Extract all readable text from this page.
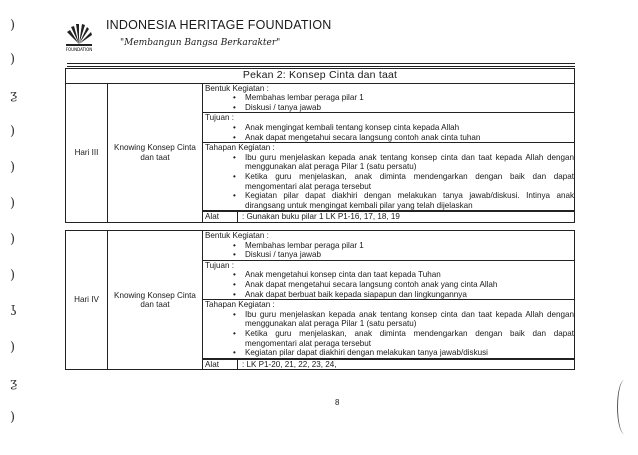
)
)
ƺ
)
)
)
)
)
ʖ
)
ƺ
)
FOUNDATION
INDONESIA HERITAGE FOUNDATION
"Membangun Bangsa Berkarakter"
Pekan 2: Konsep Cinta dan taat
Hari III	Knowing Konsep Cinta dan taat	
Bentuk Kegiatan :
• Membahas lembar peraga pilar 1
• Diskusi / tanya jawab
Tujuan :
• Anak mengingat kembali tentang konsep cinta kepada Allah
• Anak dapat mengetahui secara langsung contoh anak cinta tuhan
Tahapan Kegiatan :
• Ibu guru menjelaskan kepada anak tentang konsep cinta dan taat kepada Allah dengan menggunakan alat peraga Pilar 1 (satu persatu)
• Ketika guru menjelaskan, anak diminta mendengarkan dengan baik dan dapat mengomentari alat peraga tersebut
• Kegiatan pilar dapat diakhiri dengan melakukan tanya jawab/diskusi. Intinya anak dirangsang untuk mengingat kembali pilar yang telah dijelaskan
Alat	: Gunakan buku pilar 1 LK P1-16, 17, 18, 19
Hari IV	Knowing Konsep Cinta dan taat	
Bentuk Kegiatan :
• Membahas lembar peraga pilar 1
• Diskusi / tanya jawab
Tujuan :
• Anak mengetahui konsep cinta dan taat kepada Tuhan
• Anak dapat mengetahui secara langsung contoh anak yang cinta Allah
• Anak dapat berbuat baik kepada siapapun dan lingkungannya
Tahapan Kegiatan :
• Ibu guru menjelaskan kepada anak tentang konsep cinta dan taat kepada Allah dengan menggunakan alat peraga Pilar 1 (satu persatu)
• Ketika guru menjelaskan, anak diminta mendengarkan dengan baik dan dapat mengomentari alat peraga tersebut
• Kegiatan pilar dapat diakhiri dengan melakukan tanya jawab/diskusi
Alat	: LK P1-20, 21, 22, 23, 24,
8
